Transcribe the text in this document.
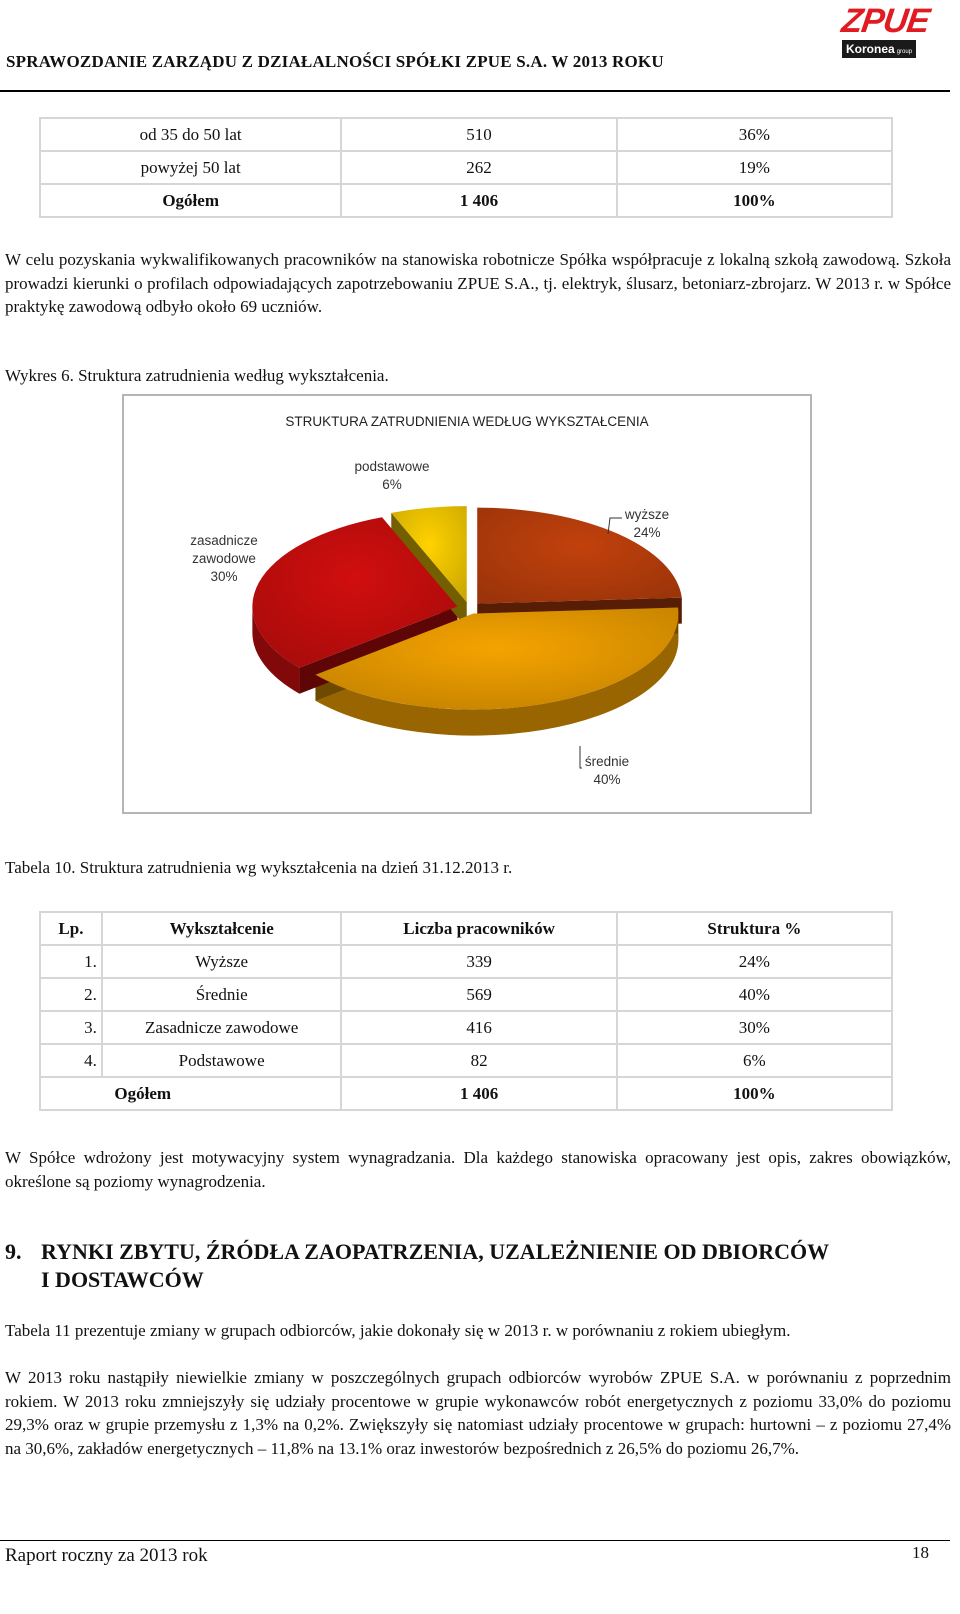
SPRAWOZDANIE ZARZĄDU Z DZIAŁALNOŚCI SPÓŁKI ZPUE S.A. W 2013 ROKU
ZPUE
Koronea group
od 35 do 50 lat	510	36%
powyżej 50 lat	262	19%
Ogółem	1 406	100%
W celu pozyskania wykwalifikowanych pracowników na stanowiska robotnicze Spółka współpracuje z lokalną szkołą zawodową. Szkoła prowadzi kierunki o profilach odpowiadających zapotrzebowaniu ZPUE S.A., tj. elektryk, ślusarz, betoniarz-zbrojarz. W 2013 r. w Spółce praktykę zawodową odbyło około 69 uczniów.
Wykres 6. Struktura zatrudnienia według wykształcenia.
STRUKTURA ZATRUDNIENIA WEDŁUG WYKSZTAŁCENIA
wyższe
24%
średnie
40%
zasadnicze
zawodowe
30%
podstawowe
6%
Tabela 10. Struktura zatrudnienia wg wykształcenia na dzień 31.12.2013 r.
Lp.	Wykształcenie	Liczba pracowników	Struktura %
1.	Wyższe	339	24%
2.	Średnie	569	40%
3.	Zasadnicze zawodowe	416	30%
4.	Podstawowe	82	6%
Ogółem		1 406	100%
W Spółce wdrożony jest motywacyjny system wynagradzania. Dla każdego stanowiska opracowany jest opis, zakres obowiązków, określone są poziomy wynagrodzenia.
9. RYNKI ZBYTU, ŹRÓDŁA ZAOPATRZENIA, UZALEŻNIENIE OD DBIORCÓW
I DOSTAWCÓW
Tabela 11 prezentuje zmiany w grupach odbiorców, jakie dokonały się w 2013 r. w porównaniu z rokiem ubiegłym.
W 2013 roku nastąpiły niewielkie zmiany w poszczególnych grupach odbiorców wyrobów ZPUE S.A. w porównaniu z poprzednim rokiem. W 2013 roku zmniejszyły się udziały procentowe w grupie wykonawców robót energetycznych z poziomu 33,0% do poziomu 29,3% oraz w grupie przemysłu z 1,3% na 0,2%. Zwiększyły się natomiast udziały procentowe w grupach: hurtowni – z poziomu 27,4% na 30,6%, zakładów energetycznych – 11,8% na 13.1% oraz inwestorów bezpośrednich z 26,5% do poziomu 26,7%.
Raport roczny za 2013 rok	18
